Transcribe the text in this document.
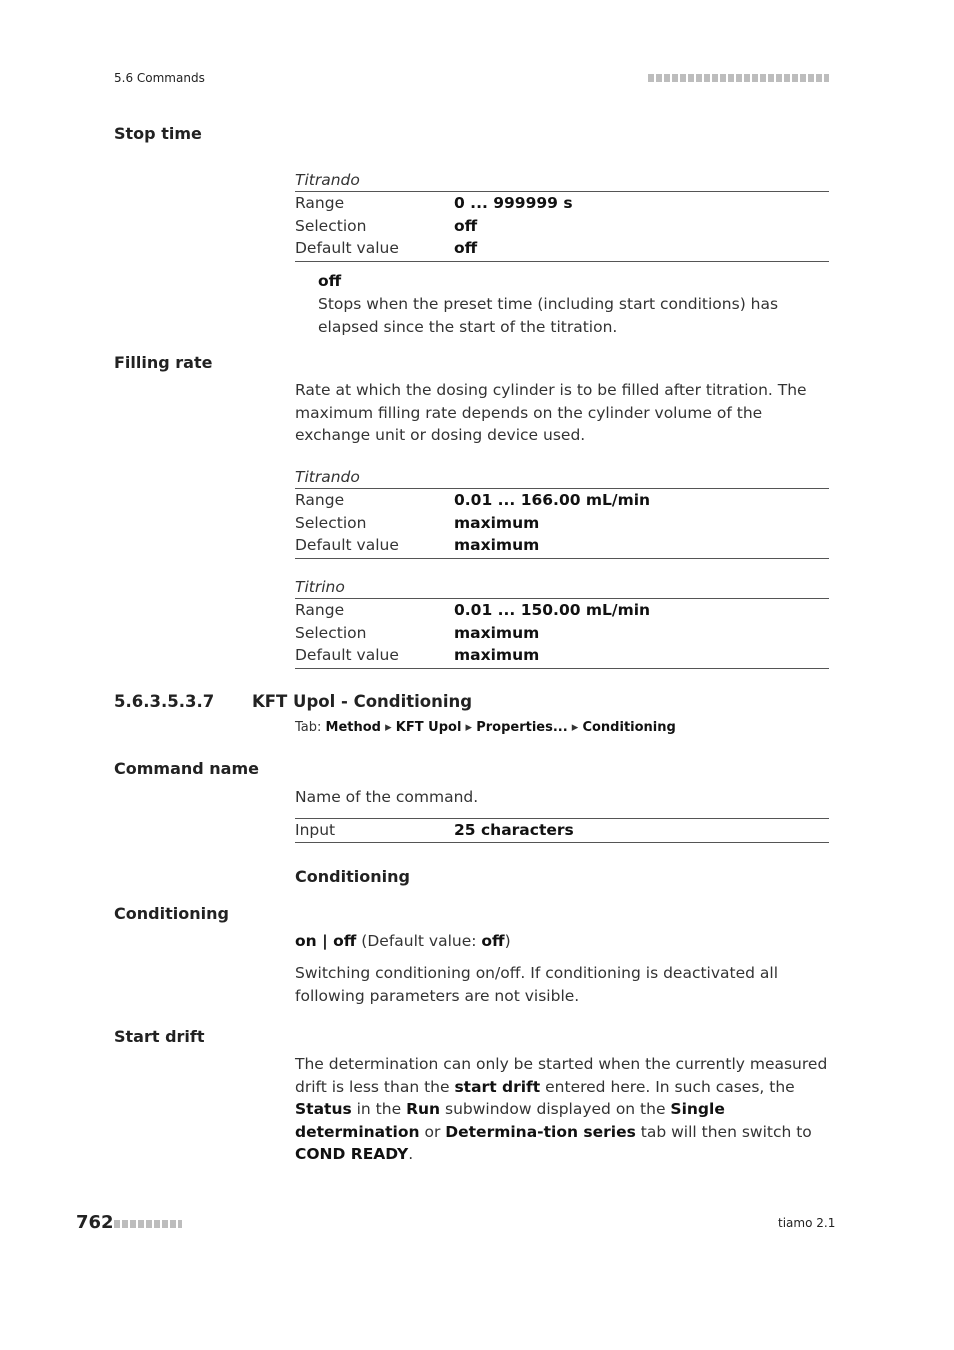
5.6 Commands
Stop time
Titrando
Range	0 ... 999999 s
Selection	off
Default value	off
off
Stops when the preset time (including start conditions) has elapsed since the start of the titration.
Filling rate
Rate at which the dosing cylinder is to be filled after titration. The maximum filling rate depends on the cylinder volume of the exchange unit or dosing device used.
Titrando
Range	0.01 ... 166.00 mL/min
Selection	maximum
Default value	maximum
Titrino
Range	0.01 ... 150.00 mL/min
Selection	maximum
Default value	maximum
5.6.3.5.3.7 KFT Upol - Conditioning
Tab: Method ▸ KFT Upol ▸ Properties... ▸ Conditioning
Command name
Name of the command.
Input	25 characters
Conditioning
Conditioning
on | off (Default value: off)
Switching conditioning on/off. If conditioning is deactivated all following parameters are not visible.
Start drift
The determination can only be started when the currently measured drift is less than the start drift entered here. In such cases, the Status in the Run subwindow displayed on the Single determination or Determina-tion series tab will then switch to COND READY.
762	tiamo 2.1
